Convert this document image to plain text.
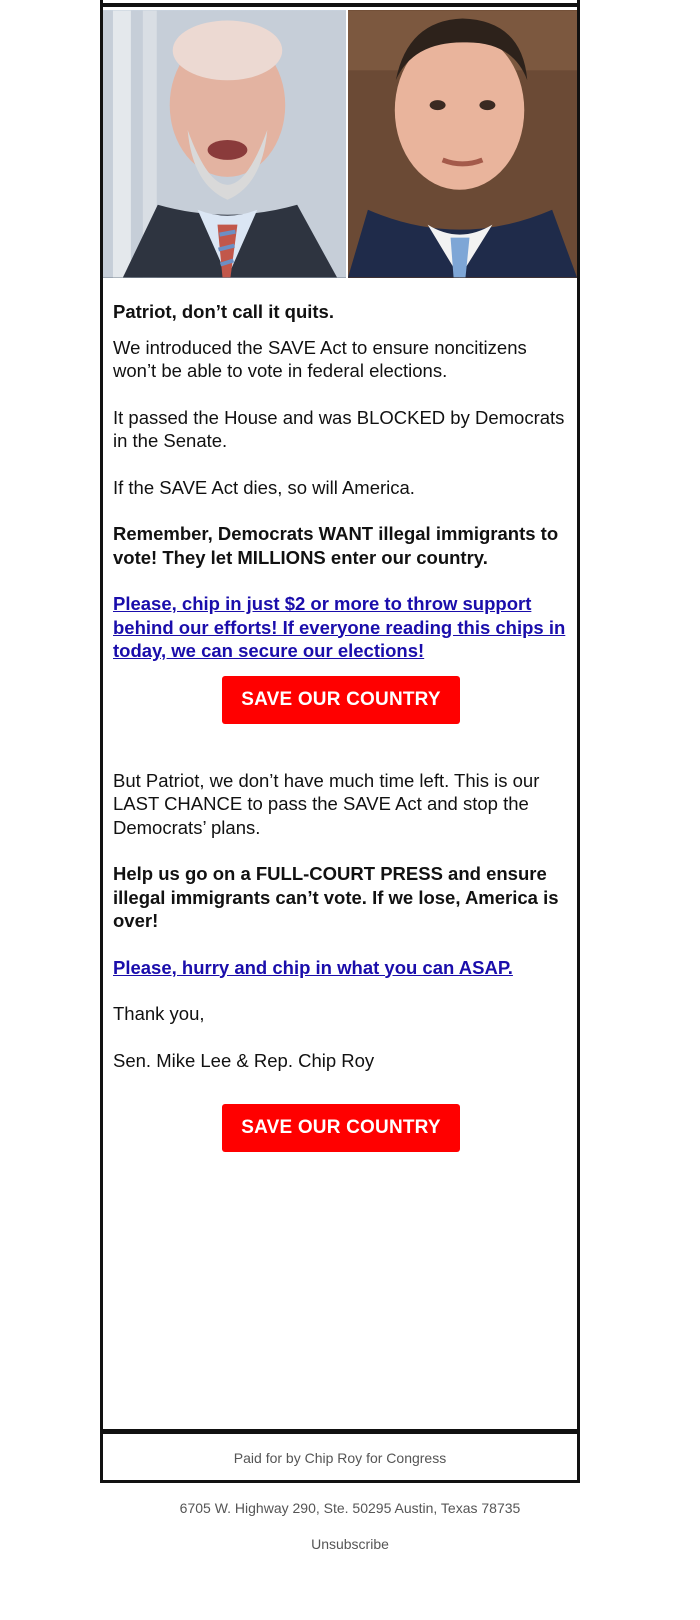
Patriot, don’t call it quits.

We introduced the SAVE Act to ensure noncitizens won’t be able to vote in federal elections.

It passed the House and was BLOCKED by Democrats in the Senate.

If the SAVE Act dies, so will America.

Remember, Democrats WANT illegal immigrants to vote! They let MILLIONS enter our country.

Please, chip in just $2 or more to throw support behind our efforts! If everyone reading this chips in today, we can secure our elections!

SAVE OUR COUNTRY

But Patriot, we don’t have much time left. This is our LAST CHANCE to pass the SAVE Act and stop the Democrats’ plans.

Help us go on a FULL-COURT PRESS and ensure illegal immigrants can’t vote. If we lose, America is over!

Please, hurry and chip in what you can ASAP.

Thank you,

Sen. Mike Lee & Rep. Chip Roy

SAVE OUR COUNTRY
Paid for by Chip Roy for Congress
6705 W. Highway 290, Ste. 50295 Austin, Texas 78735
Unsubscribe
